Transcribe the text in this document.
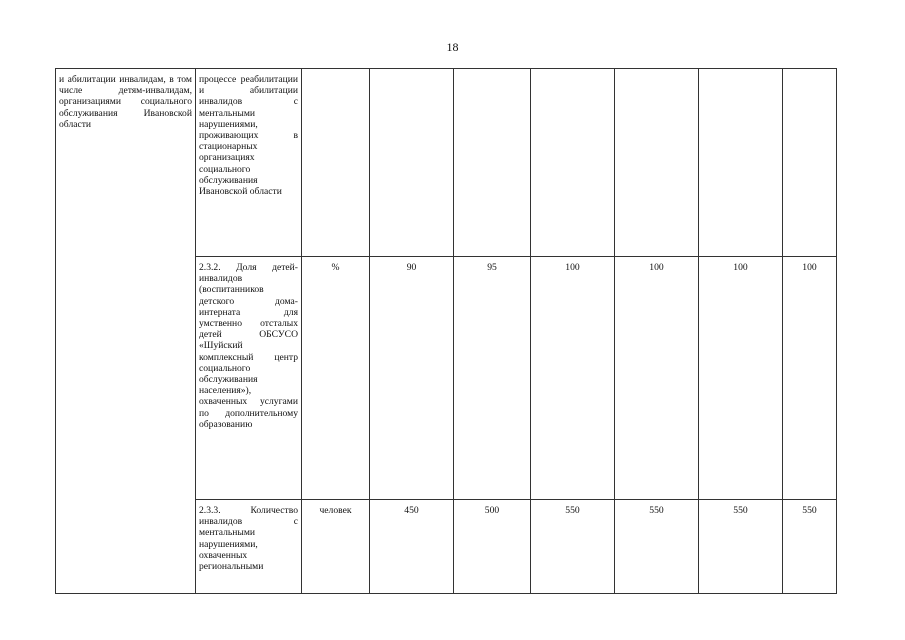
18
и абилитации инвалидам, в том числе детям-инвалидам, организациями социального обслуживания Ивановской области	процессе реабилитации и абилитации инвалидов с ментальными нарушениями, проживающих в стационарных организациях социального обслуживания Ивановской области							
	2.3.2. Доля детей-инвалидов (воспитанников детского дома-интерната для умственно отсталых детей ОБСУСО «Шуйский комплексный центр социального обслуживания населения»), охваченных услугами по дополнительному образованию	%	90	95	100	100	100	100
	2.3.3. Количество инвалидов с ментальными нарушениями, охваченных региональными	человек	450	500	550	550	550	550
